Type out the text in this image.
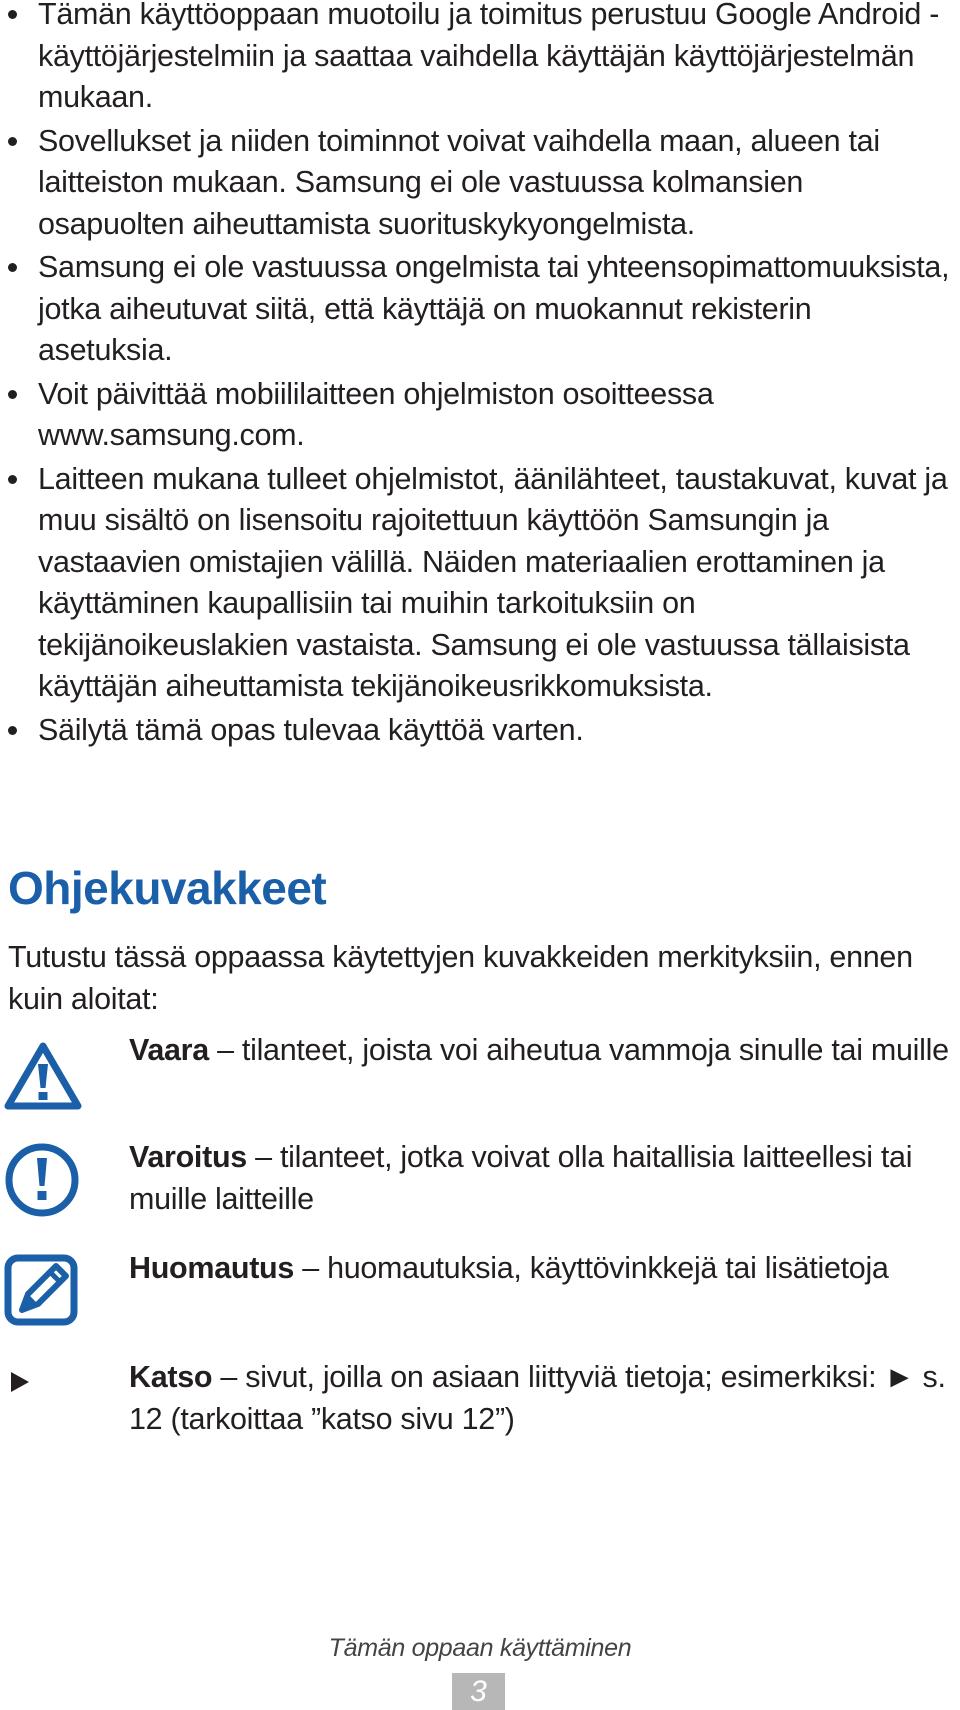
Tämän käyttöoppaan muotoilu ja toimitus perustuu Google Android -käyttöjärjestelmiin ja saattaa vaihdella käyttäjän käyttöjärjestelmän mukaan.
Sovellukset ja niiden toiminnot voivat vaihdella maan, alueen tai laitteiston mukaan. Samsung ei ole vastuussa kolmansien osapuolten aiheuttamista suorituskykyongelmista.
Samsung ei ole vastuussa ongelmista tai yhteensopimattomuuksista, jotka aiheutuvat siitä, että käyttäjä on muokannut rekisterin asetuksia.
Voit päivittää mobiililaitteen ohjelmiston osoitteessa www.samsung.com.
Laitteen mukana tulleet ohjelmistot, äänilähteet, taustakuvat, kuvat ja muu sisältö on lisensoitu rajoitettuun käyttöön Samsungin ja vastaavien omistajien välillä. Näiden materiaalien erottaminen ja käyttäminen kaupallisiin tai muihin tarkoituksiin on tekijänoikeuslakien vastaista. Samsung ei ole vastuussa tällaisista käyttäjän aiheuttamista tekijänoikeusrikkomuksista.
Säilytä tämä opas tulevaa käyttöä varten.
Ohjekuvakkeet

Tutustu tässä oppaassa käytettyjen kuvakkeiden merkityksiin, ennen kuin aloitat:

Vaara – tilanteet, joista voi aiheutua vammoja sinulle tai muille

Varoitus – tilanteet, jotka voivat olla haitallisia laitteellesi tai muille laitteille

Huomautus – huomautuksia, käyttövinkkejä tai lisätietoja

Katso – sivut, joilla on asiaan liittyviä tietoja; esimerkiksi: ► s. 12 (tarkoittaa ”katso sivu 12”)

Tämän oppaan käyttäminen
3
